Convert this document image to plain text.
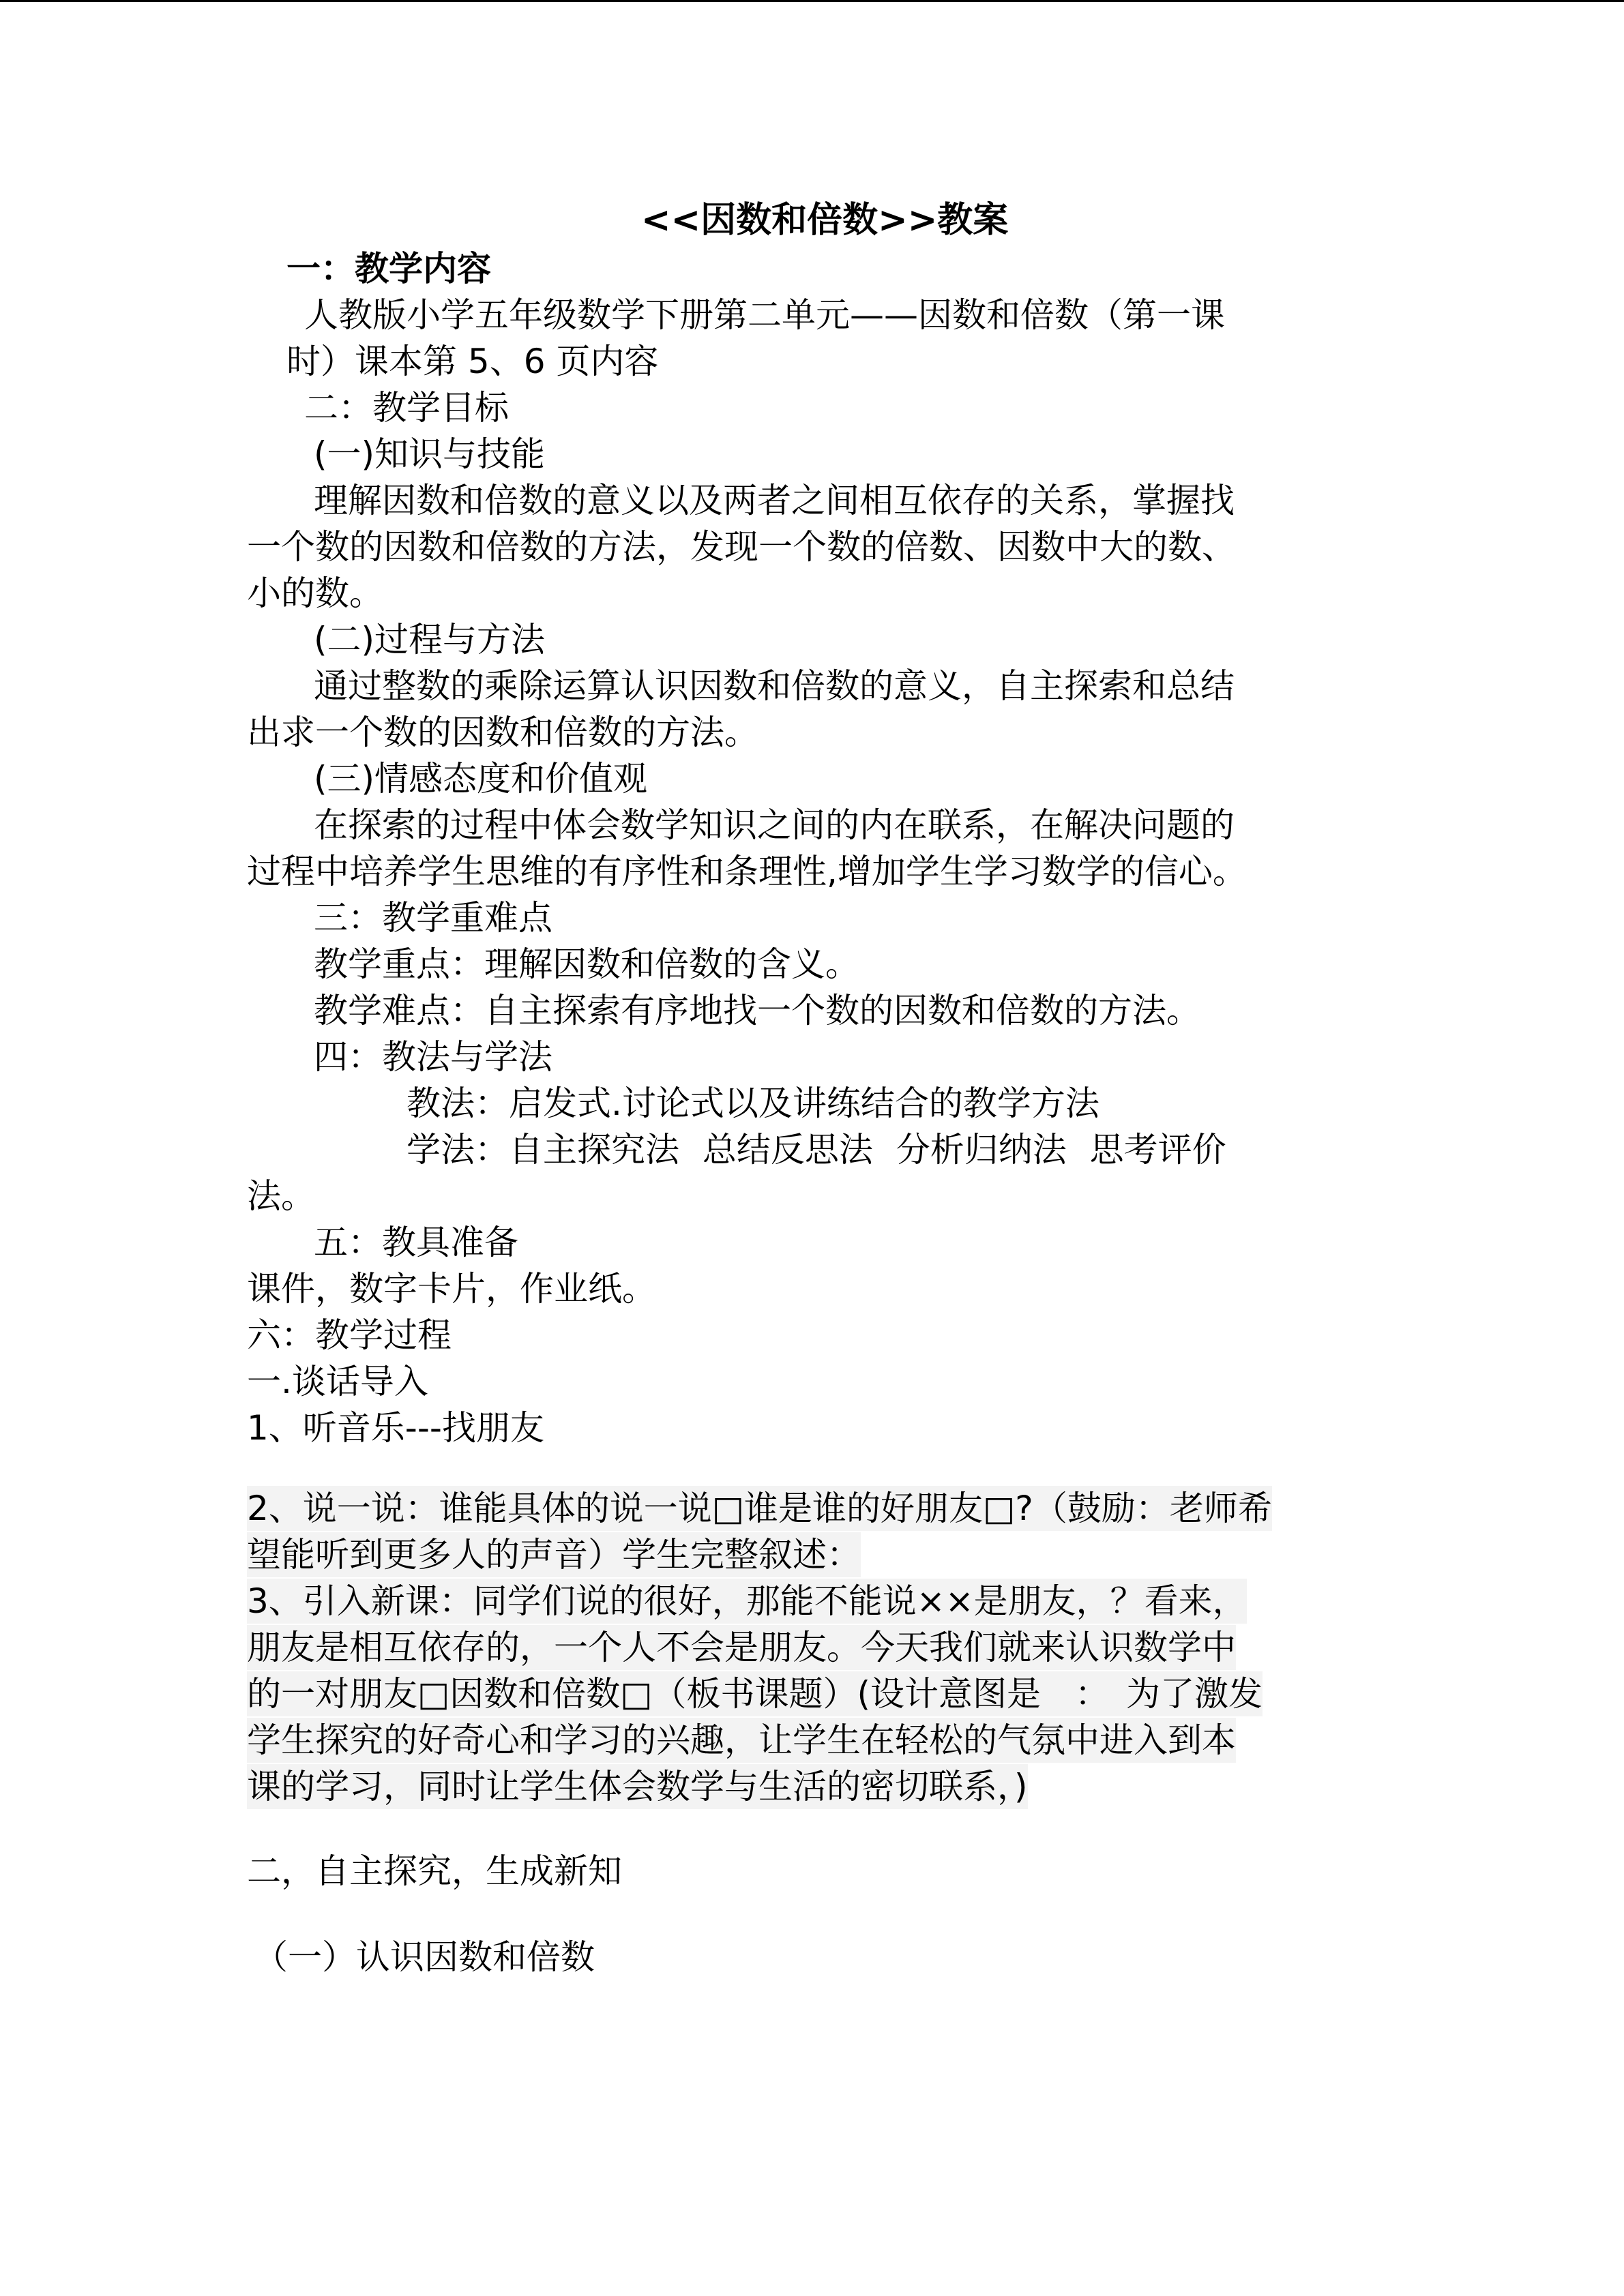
<<因数和倍数>>教案
一：教学内容
人教版小学五年级数学下册第二单元——因数和倍数（第一课
时）课本第 5、6 页内容
二：教学目标
(一)知识与技能
理解因数和倍数的意义以及两者之间相互依存的关系，掌握找
一个数的因数和倍数的方法，发现一个数的倍数、因数中大的数、
小的数。
(二)过程与方法
通过整数的乘除运算认识因数和倍数的意义，自主探索和总结
出求一个数的因数和倍数的方法。
(三)情感态度和价值观
在探索的过程中体会数学知识之间的内在联系，在解决问题的
过程中培养学生思维的有序性和条理性,增加学生学习数学的信心。
三：教学重难点
教学重点：理解因数和倍数的含义。
教学难点：自主探索有序地找一个数的因数和倍数的方法。
四：教法与学法
教法：启发式.讨论式以及讲练结合的教学方法
学法：自主探究法 总结反思法 分析归纳法 思考评价
法。
五：教具准备
课件，数字卡片，作业纸。
六：教学过程
一.谈话导入
1、听音乐---找朋友
2、说一说：谁能具体的说一说□谁是谁的好朋友□?（鼓励：老师希
望能听到更多人的声音）学生完整叙述：
3、引入新课：同学们说的很好，那能不能说××是朋友，？看来，
朋友是相互依存的，一个人不会是朋友。今天我们就来认识数学中
的一对朋友□因数和倍数□（板书课题）(设计意图是　：　为了激发
学生探究的好奇心和学习的兴趣，让学生在轻松的气氛中进入到本
课的学习，同时让学生体会数学与生活的密切联系，)
二，自主探究，生成新知
（一）认识因数和倍数
